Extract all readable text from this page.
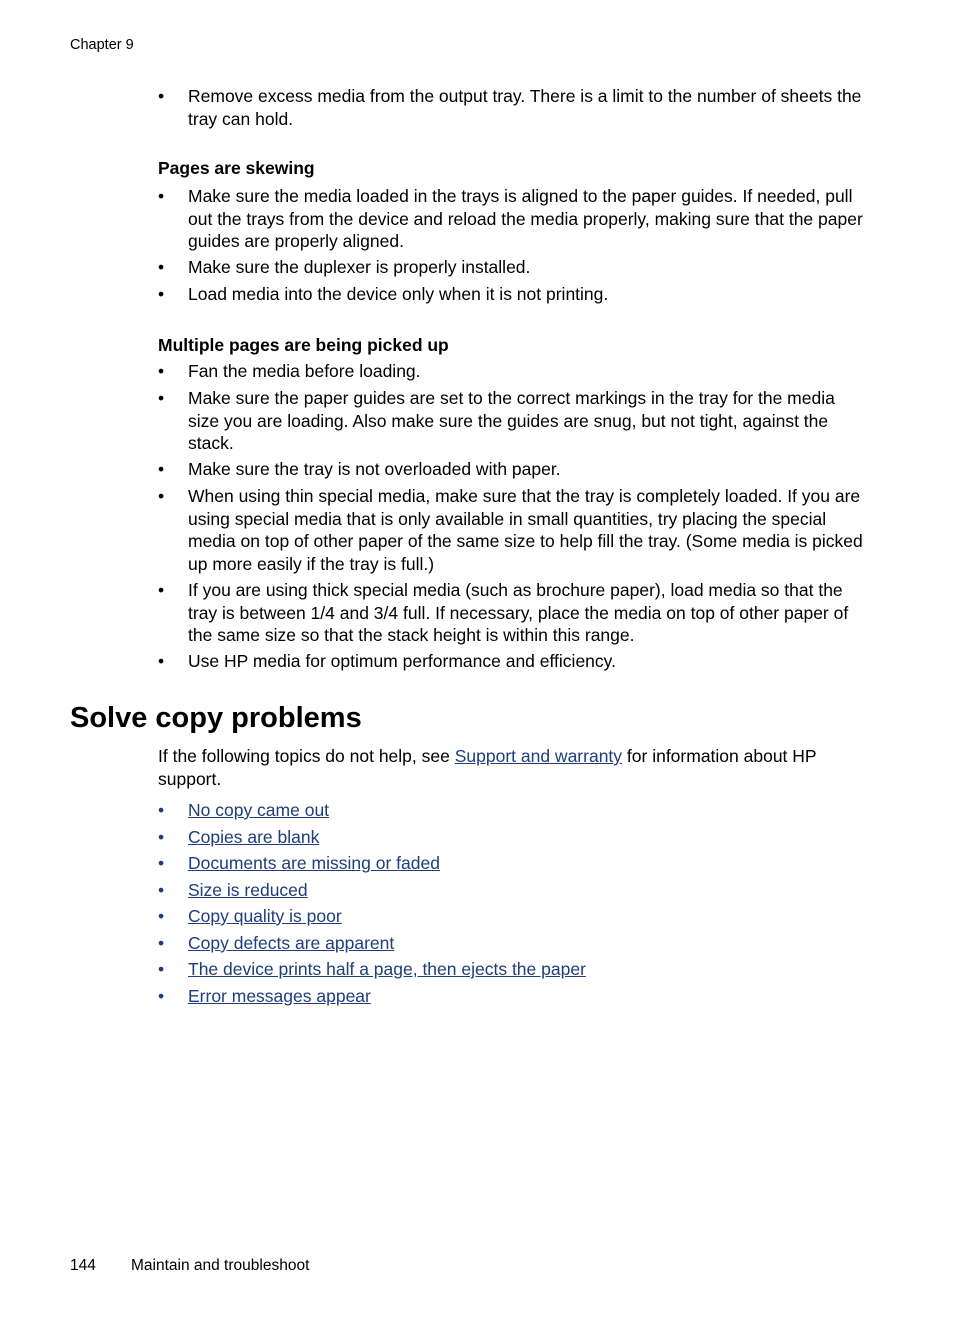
Chapter 9
•	Remove excess media from the output tray. There is a limit to the number of sheets the tray can hold.
Pages are skewing
•	Make sure the media loaded in the trays is aligned to the paper guides. If needed, pull out the trays from the device and reload the media properly, making sure that the paper guides are properly aligned.
•	Make sure the duplexer is properly installed.
•	Load media into the device only when it is not printing.
Multiple pages are being picked up
•	Fan the media before loading.
•	Make sure the paper guides are set to the correct markings in the tray for the media size you are loading. Also make sure the guides are snug, but not tight, against the stack.
•	Make sure the tray is not overloaded with paper.
•	When using thin special media, make sure that the tray is completely loaded. If you are using special media that is only available in small quantities, try placing the special media on top of other paper of the same size to help fill the tray. (Some media is picked up more easily if the tray is full.)
•	If you are using thick special media (such as brochure paper), load media so that the tray is between 1/4 and 3/4 full. If necessary, place the media on top of other paper of the same size so that the stack height is within this range.
•	Use HP media for optimum performance and efficiency.
Solve copy problems
If the following topics do not help, see Support and warranty for information about HP support.
• No copy came out
• Copies are blank
• Documents are missing or faded
• Size is reduced
• Copy quality is poor
• Copy defects are apparent
• The device prints half a page, then ejects the paper
• Error messages appear
144 Maintain and troubleshoot
